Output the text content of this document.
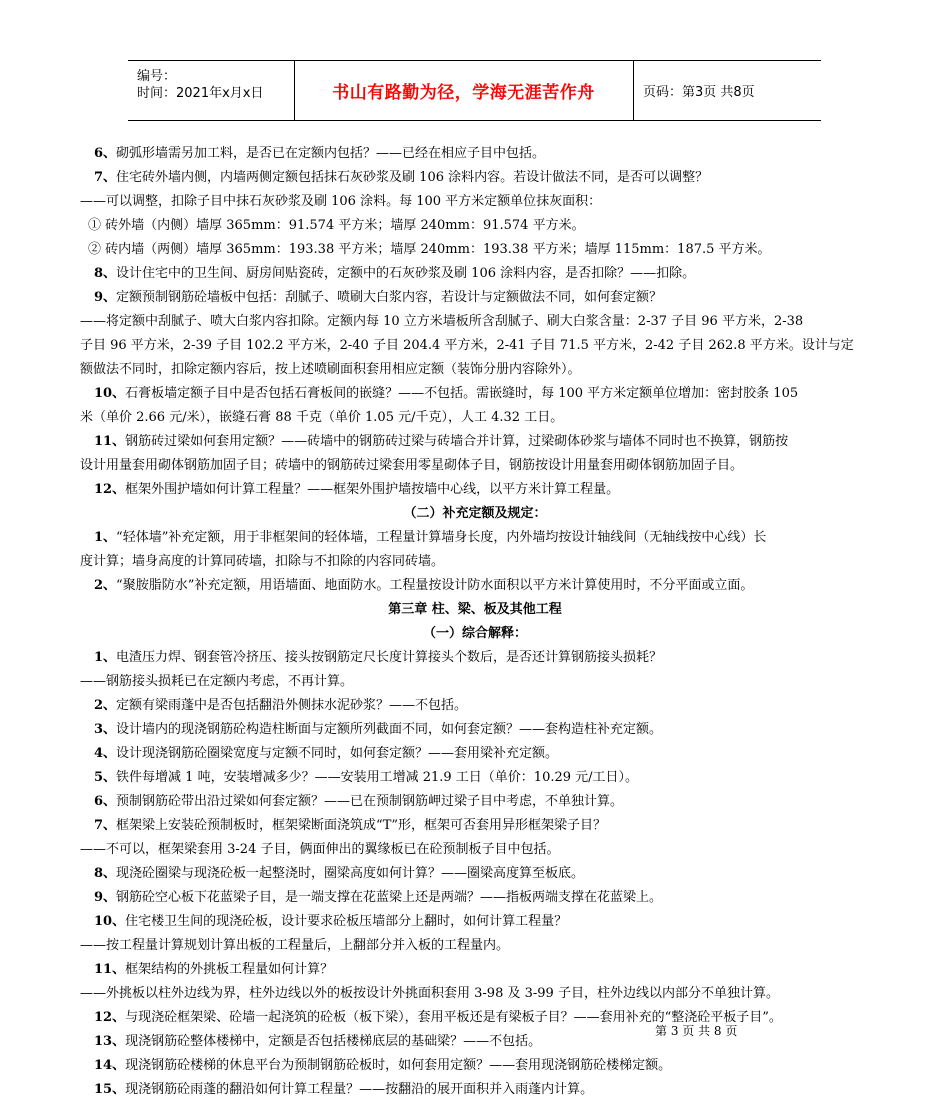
编号：
时间：2021年x月x日	书山有路勤为径，学海无涯苦作舟	页码：第3页 共8页
6、砌弧形墙需另加工料，是否已在定额内包括？——已经在相应子目中包括。
7、住宅砖外墙内侧，内墙两侧定额包括抹石灰砂浆及刷 106 涂料内容。若设计做法不同，是否可以调整？
——可以调整，扣除子目中抹石灰砂浆及刷 106 涂料。每 100 平方米定额单位抹灰面积：
① 砖外墙（内侧）墙厚 365mm：91.574 平方米；墙厚 240mm：91.574 平方米。
② 砖内墙（两侧）墙厚 365mm：193.38 平方米；墙厚 240mm：193.38 平方米；墙厚 115mm：187.5 平方米。
8、设计住宅中的卫生间、厨房间贴瓷砖，定额中的石灰砂浆及刷 106 涂料内容，是否扣除？——扣除。
9、定额预制钢筋砼墙板中包括：刮腻子、喷刷大白浆内容，若设计与定额做法不同，如何套定额？
——将定额中刮腻子、喷大白浆内容扣除。定额内每 10 立方米墙板所含刮腻子、刷大白浆含量：2-37 子目 96 平方米，2-38
子目 96 平方米，2-39 子目 102.2 平方米，2-40 子目 204.4 平方米，2-41 子目 71.5 平方米，2-42 子目 262.8 平方米。设计与定
额做法不同时，扣除定额内容后，按上述喷刷面积套用相应定额（装饰分册内容除外）。
10、石膏板墙定额子目中是否包括石膏板间的嵌缝？——不包括。需嵌缝时，每 100 平方米定额单位增加：密封胶条 105
米（单价 2.66 元/米），嵌缝石膏 88 千克（单价 1.05 元/千克），人工 4.32 工日。
11、钢筋砖过梁如何套用定额？——砖墙中的钢筋砖过梁与砖墙合并计算，过梁砌体砂浆与墙体不同时也不换算，钢筋按
设计用量套用砌体钢筋加固子目；砖墙中的钢筋砖过梁套用零星砌体子目，钢筋按设计用量套用砌体钢筋加固子目。
12、框架外围护墙如何计算工程量？——框架外围护墙按墙中心线，以平方米计算工程量。
（二）补充定额及规定：
1、“轻体墙”补充定额，用于非框架间的轻体墙，工程量计算墙身长度，内外墙均按设计轴线间（无轴线按中心线）长
度计算；墙身高度的计算同砖墙，扣除与不扣除的内容同砖墙。
2、“聚胺脂防水”补充定额，用语墙面、地面防水。工程量按设计防水面积以平方米计算使用时，不分平面或立面。
第三章 柱、梁、板及其他工程
（一）综合解释：
1、电渣压力焊、钢套管冷挤压、接头按钢筋定尺长度计算接头个数后，是否还计算钢筋接头损耗？
——钢筋接头损耗已在定额内考虑，不再计算。
2、定额有梁雨蓬中是否包括翻沿外侧抹水泥砂浆？——不包括。
3、设计墙内的现浇钢筋砼构造柱断面与定额所列截面不同，如何套定额？——套构造柱补充定额。
4、设计现浇钢筋砼圈梁宽度与定额不同时，如何套定额？——套用梁补充定额。
5、铁件每增减 1 吨，安装增减多少？——安装用工增减 21.9 工日（单价：10.29 元/工日）。
6、预制钢筋砼带出沿过梁如何套定额？——已在预制钢筋岬过梁子目中考虑，不单独计算。
7、框架梁上安装砼预制板时，框架梁断面浇筑成“T”形，框架可否套用异形框架梁子目？
——不可以，框架梁套用 3-24 子目，俩面伸出的翼缘板已在砼预制板子目中包括。
8、现浇砼圈梁与现浇砼板一起整浇时，圈梁高度如何计算？——圈梁高度算至板底。
9、钢筋砼空心板下花蓝梁子目，是一端支撑在花蓝梁上还是两端？——指板两端支撑在花蓝梁上。
10、住宅楼卫生间的现浇砼板，设计要求砼板压墙部分上翻时，如何计算工程量？
——按工程量计算规划计算出板的工程量后，上翻部分并入板的工程量内。
11、框架结构的外挑板工程量如何计算？
——外挑板以柱外边线为界，柱外边线以外的板按设计外挑面积套用 3-98 及 3-99 子目，柱外边线以内部分不单独计算。
12、与现浇砼框架梁、砼墙一起浇筑的砼板（板下梁），套用平板还是有梁板子目？——套用补充的“整浇砼平板子目”。
13、现浇钢筋砼整体楼梯中，定额是否包括楼梯底层的基础梁？——不包括。
14、现浇钢筋砼楼梯的休息平台为预制钢筋砼板时，如何套用定额？——套用现浇钢筋砼楼梯定额。
15、现浇钢筋砼雨蓬的翻沿如何计算工程量？——按翻沿的展开面积并入雨蓬内计算。
第 3 页 共 8 页
